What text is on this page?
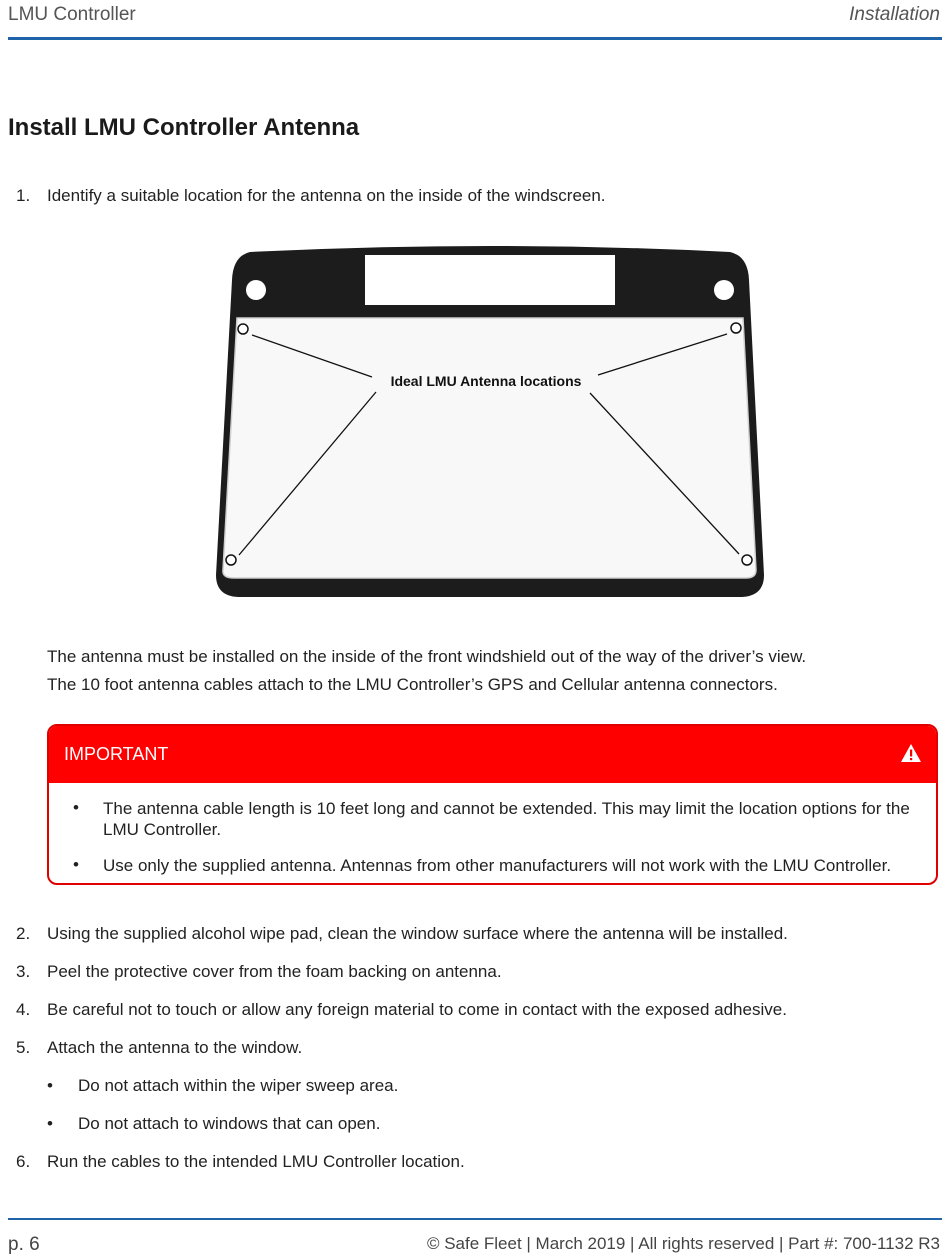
LMU Controller	Installation
Install LMU Controller Antenna
1. Identify a suitable location for the antenna on the inside of the windscreen.
Ideal LMU Antenna locations
The antenna must be installed on the inside of the front windshield out of the way of the driver’s view.
The 10 foot antenna cables attach to the LMU Controller’s GPS and Cellular antenna connectors.
IMPORTANT
• The antenna cable length is 10 feet long and cannot be extended. This may limit the location options for the LMU Controller.
• Use only the supplied antenna. Antennas from other manufacturers will not work with the LMU Controller.
2. Using the supplied alcohol wipe pad, clean the window surface where the antenna will be installed.
3. Peel the protective cover from the foam backing on antenna.
4. Be careful not to touch or allow any foreign material to come in contact with the exposed adhesive.
5. Attach the antenna to the window.
• Do not attach within the wiper sweep area.
• Do not attach to windows that can open.
6. Run the cables to the intended LMU Controller location.
p. 6	© Safe Fleet | March 2019 | All rights reserved | Part #: 700-1132 R3
